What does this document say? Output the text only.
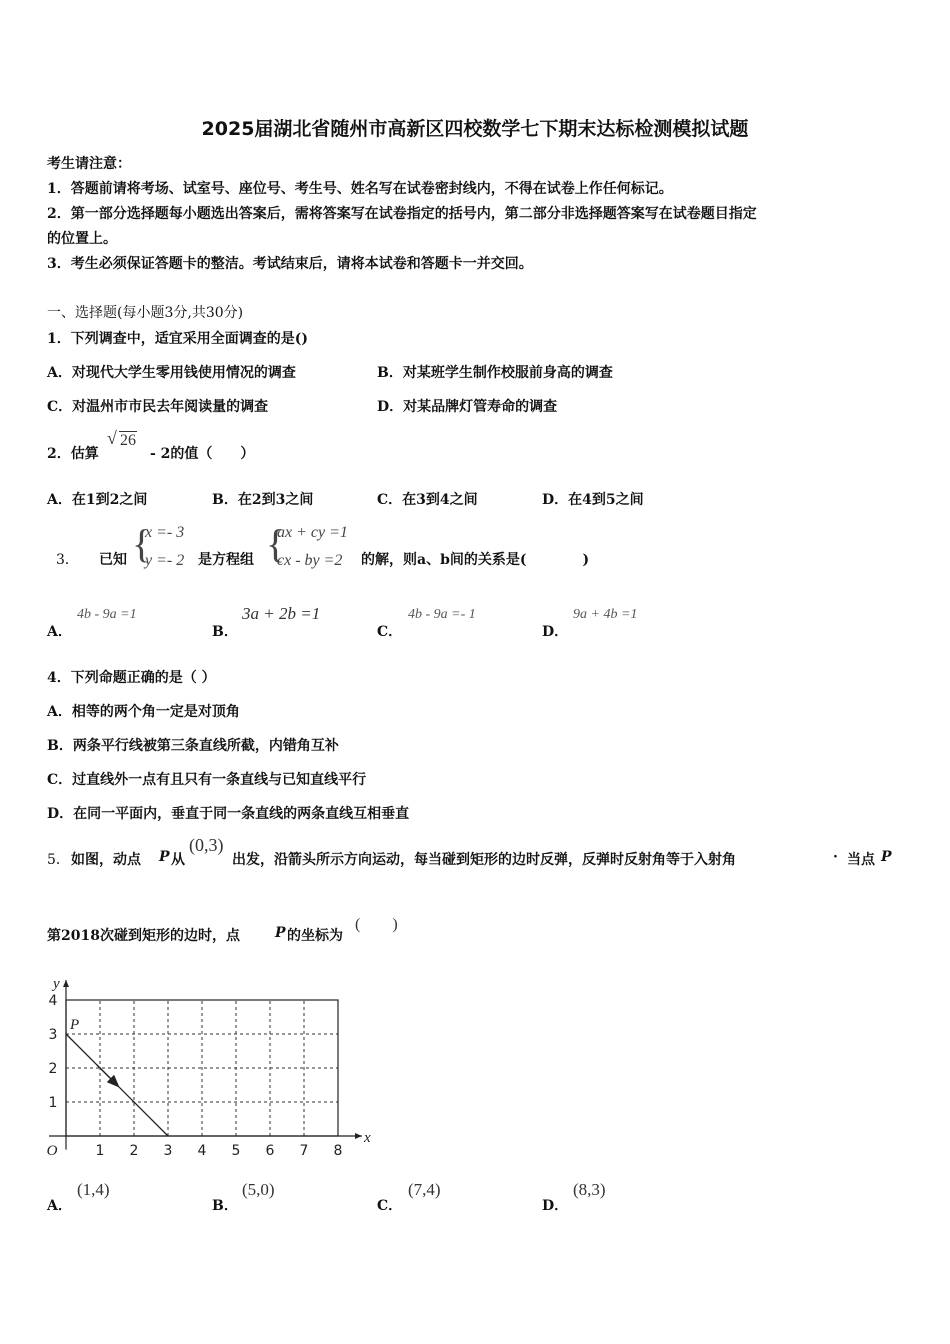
2025届湖北省随州市高新区四校数学七下期末达标检测模拟试题
考生请注意：
1．答题前请将考场、试室号、座位号、考生号、姓名写在试卷密封线内，不得在试卷上作任何标记。
2．第一部分选择题每小题选出答案后，需将答案写在试卷指定的括号内，第二部分非选择题答案写在试卷题目指定
的位置上。
3．考生必须保证答题卡的整洁。考试结束后，请将本试卷和答题卡一并交回。
一、选择题(每小题3分,共30分)
1．下列调查中，适宜采用全面调查的是()
A．对现代大学生零用钱使用情况的调查	B．对某班学生制作校服前身高的调查
C．对温州市市民去年阅读量的调查	D．对某品牌灯管寿命的调查
2．估算
√ 26
- 2的值（　　）
A．在1到2之间	B．在2到3之间	C．在3到4之间	D．在4到5之间
3． 已知 {
x =- 3
y =- 2 是方程组 {
ax + cy =1
cx - by =2 的解，则a、b间的关系是(　　　　)
A．
4b - 9a =1
B．
3a + 2b =1
C．
4b - 9a =- 1
D．
9a + 4b =1
4．下列命题正确的是（ ）
A．相等的两个角一定是对顶角
B．两条平行线被第三条直线所截，内错角互补
C．过直线外一点有且只有一条直线与已知直线平行
D．在同一平面内，垂直于同一条直线的两条直线互相垂直
5． 如图，动点 P 从
(0,3)
出发，沿箭头所示方向运动，每当碰到矩形的边时反弹，反弹时反射角等于入射角	· 当点 P
第2018次碰到矩形的边时，点	P 的坐标为
(　　)
1 2 3 4 5 6 7 8
1
2
3
4
O
x
y
P
A．
(1,4)
B．
(5,0)
C．
(7,4)
D．
(8,3)
